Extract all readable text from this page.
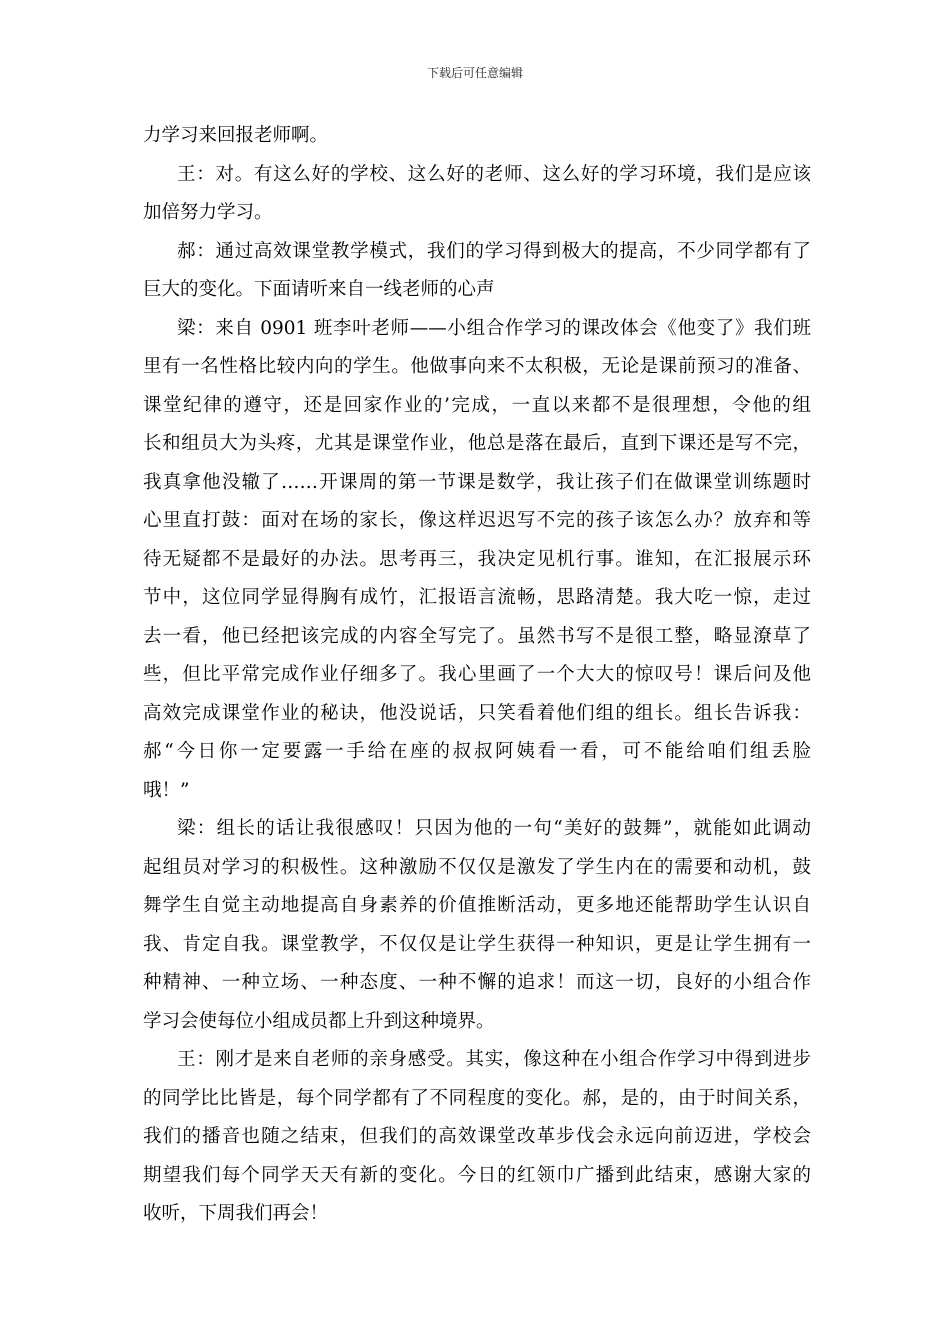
下载后可任意编辑
力学习来回报老师啊。
王：对。有这么好的学校、这么好的老师、这么好的学习环境，我们是应该
加倍努力学习。
郝：通过高效课堂教学模式，我们的学习得到极大的提高，不少同学都有了
巨大的变化。下面请听来自一线老师的心声
梁：来自 0901 班李叶老师——小组合作学习的课改体会《他变了》我们班
里有一名性格比较内向的学生。他做事向来不太积极，无论是课前预习的准备、
课堂纪律的遵守，还是回家作业的’完成，一直以来都不是很理想，令他的组
长和组员大为头疼，尤其是课堂作业，他总是落在最后，直到下课还是写不完，
我真拿他没辙了……开课周的第一节课是数学，我让孩子们在做课堂训练题时
心里直打鼓：面对在场的家长，像这样迟迟写不完的孩子该怎么办？放弃和等
待无疑都不是最好的办法。思考再三，我决定见机行事。谁知，在汇报展示环
节中，这位同学显得胸有成竹，汇报语言流畅，思路清楚。我大吃一惊，走过
去一看，他已经把该完成的内容全写完了。虽然书写不是很工整，略显潦草了
些，但比平常完成作业仔细多了。我心里画了一个大大的惊叹号！课后问及他
高效完成课堂作业的秘诀，他没说话，只笑看着他们组的组长。组长告诉我：
郝“今日你一定要露一手给在座的叔叔阿姨看一看，可不能给咱们组丢脸
哦！”
梁：组长的话让我很感叹！只因为他的一句“美好的鼓舞”，就能如此调动
起组员对学习的积极性。这种激励不仅仅是激发了学生内在的需要和动机，鼓
舞学生自觉主动地提高自身素养的价值推断活动，更多地还能帮助学生认识自
我、肯定自我。课堂教学，不仅仅是让学生获得一种知识，更是让学生拥有一
种精神、一种立场、一种态度、一种不懈的追求！而这一切，良好的小组合作
学习会使每位小组成员都上升到这种境界。
王：刚才是来自老师的亲身感受。其实，像这种在小组合作学习中得到进步
的同学比比皆是，每个同学都有了不同程度的变化。郝，是的，由于时间关系，
我们的播音也随之结束，但我们的高效课堂改革步伐会永远向前迈进，学校会
期望我们每个同学天天有新的变化。今日的红领巾广播到此结束，感谢大家的
收听，下周我们再会！
